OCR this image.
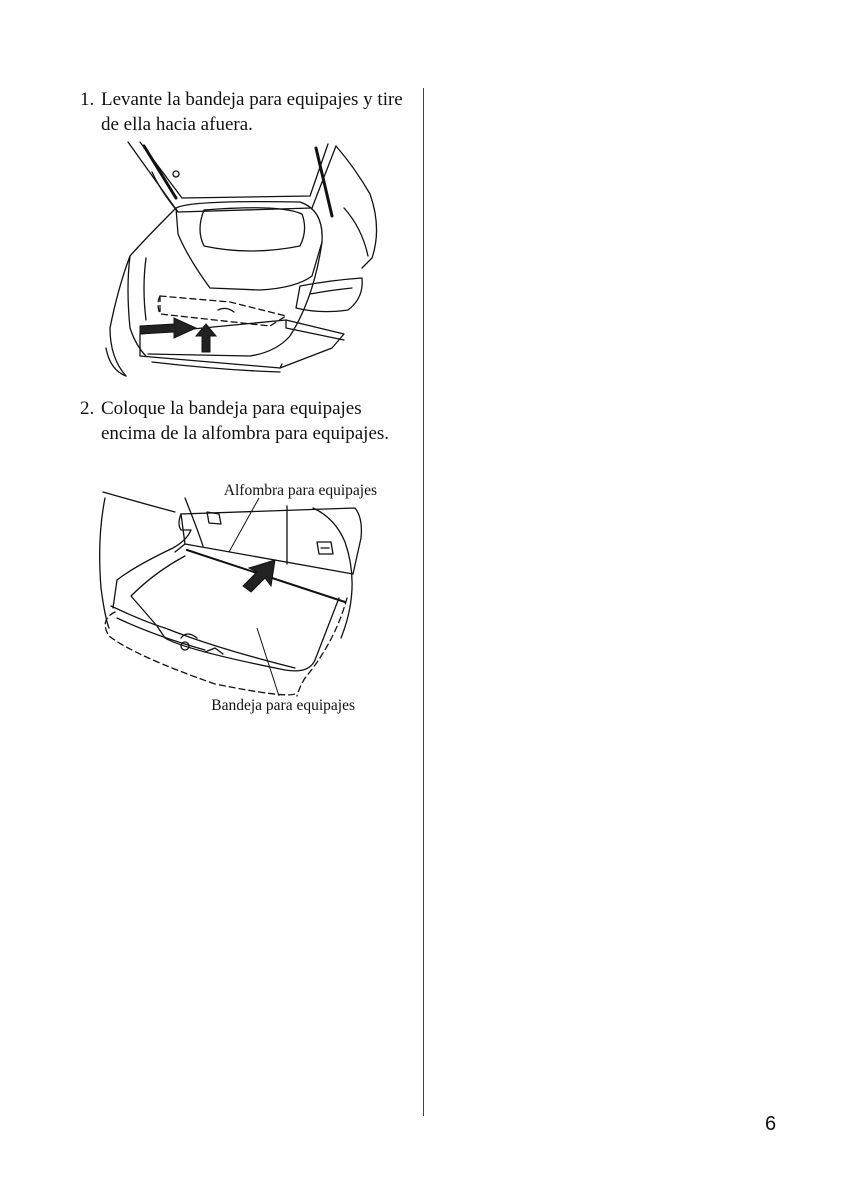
1. Levante la bandeja para equipajes y tire de ella hacia afuera.
2. Coloque la bandeja para equipajes encima de la alfombra para equipajes.
Alfombra para equipajes
Bandeja para equipajes
6
